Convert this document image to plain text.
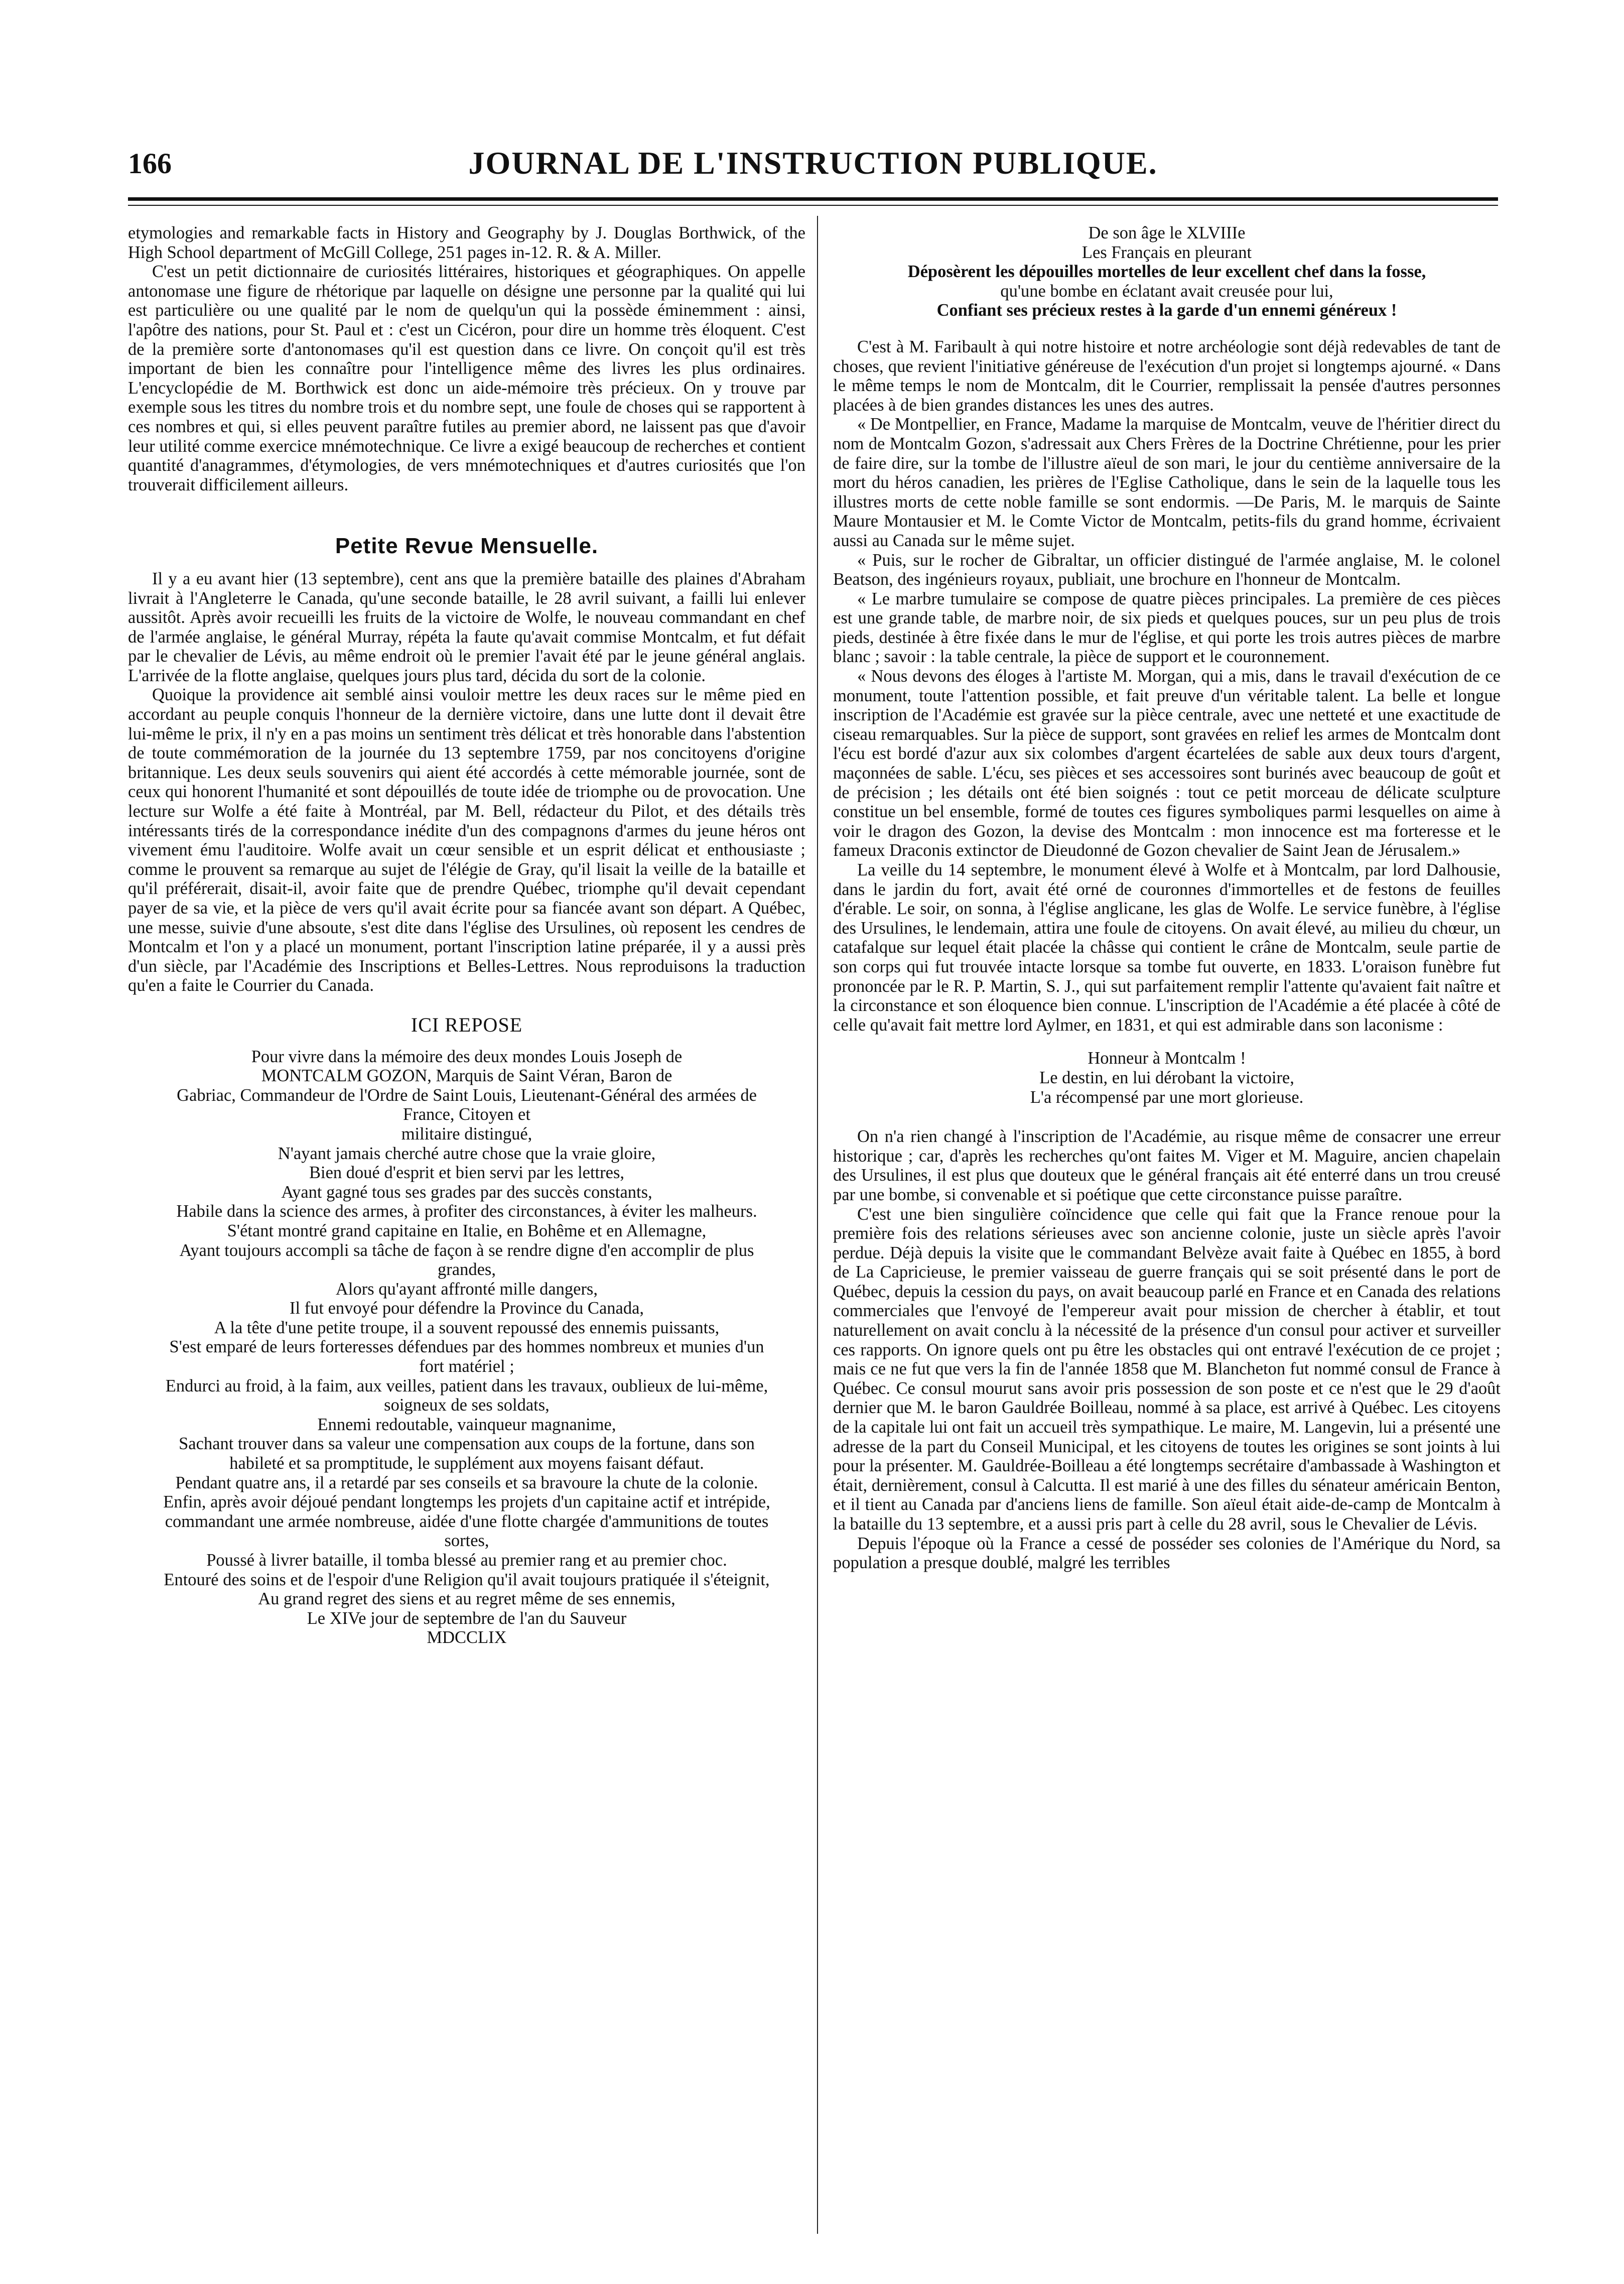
166	JOURNAL DE L'INSTRUCTION PUBLIQUE.

etymologies and remarkable facts in History and Geography by J. Douglas Borthwick, of the High School department of McGill College, 251 pages in-12. R. & A. Miller.

C'est un petit dictionnaire de curiosités littéraires, historiques et géographiques. On appelle antonomase une figure de rhétorique par laquelle on désigne une personne par la qualité qui lui est particulière ou une qualité par le nom de quelqu'un qui la possède éminemment : ainsi, l'apôtre des nations, pour St. Paul et : c'est un Cicéron, pour dire un homme très éloquent. C'est de la première sorte d'antonomases qu'il est question dans ce livre. On conçoit qu'il est très important de bien les connaître pour l'intelligence même des livres les plus ordinaires. L'encyclopédie de M. Borthwick est donc un aide-mémoire très précieux. On y trouve par exemple sous les titres du nombre trois et du nombre sept, une foule de choses qui se rapportent à ces nombres et qui, si elles peuvent paraître futiles au premier abord, ne laissent pas que d'avoir leur utilité comme exercice mnémotechnique. Ce livre a exigé beaucoup de recherches et contient quantité d'anagrammes, d'étymologies, de vers mnémotechniques et d'autres curiosités que l'on trouverait difficilement ailleurs.

Petite Revue Mensuelle.

Il y a eu avant hier (13 septembre), cent ans que la première bataille des plaines d'Abraham livrait à l'Angleterre le Canada, qu'une seconde bataille, le 28 avril suivant, a failli lui enlever aussitôt. Après avoir recueilli les fruits de la victoire de Wolfe, le nouveau commandant en chef de l'armée anglaise, le général Murray, répéta la faute qu'avait commise Montcalm, et fut défait par le chevalier de Lévis, au même endroit où le premier l'avait été par le jeune général anglais. L'arrivée de la flotte anglaise, quelques jours plus tard, décida du sort de la colonie.

Quoique la providence ait semblé ainsi vouloir mettre les deux races sur le même pied en accordant au peuple conquis l'honneur de la dernière victoire, dans une lutte dont il devait être lui-même le prix, il n'y en a pas moins un sentiment très délicat et très honorable dans l'abstention de toute commémoration de la journée du 13 septembre 1759, par nos concitoyens d'origine britannique. Les deux seuls souvenirs qui aient été accordés à cette mémorable journée, sont de ceux qui honorent l'humanité et sont dépouillés de toute idée de triomphe ou de provocation. Une lecture sur Wolfe a été faite à Montréal, par M. Bell, rédacteur du Pilot, et des détails très intéressants tirés de la correspondance inédite d'un des compagnons d'armes du jeune héros ont vivement ému l'auditoire. Wolfe avait un cœur sensible et un esprit délicat et enthousiaste ; comme le prouvent sa remarque au sujet de l'élégie de Gray, qu'il lisait la veille de la bataille et qu'il préférerait, disait-il, avoir faite que de prendre Québec, triomphe qu'il devait cependant payer de sa vie, et la pièce de vers qu'il avait écrite pour sa fiancée avant son départ. A Québec, une messe, suivie d'une absoute, s'est dite dans l'église des Ursulines, où reposent les cendres de Montcalm et l'on y a placé un monument, portant l'inscription latine préparée, il y a aussi près d'un siècle, par l'Académie des Inscriptions et Belles-Lettres. Nous reproduisons la traduction qu'en a faite le Courrier du Canada.

ICI REPOSE

Pour vivre dans la mémoire des deux mondes Louis Joseph de

MONTCALM GOZON, Marquis de Saint Véran, Baron de

Gabriac, Commandeur de l'Ordre de Saint Louis, Lieutenant-Général des armées de France, Citoyen et

militaire distingué,

N'ayant jamais cherché autre chose que la vraie gloire,

Bien doué d'esprit et bien servi par les lettres,

Ayant gagné tous ses grades par des succès constants,

Habile dans la science des armes, à profiter des circonstances, à éviter les malheurs.

S'étant montré grand capitaine en Italie, en Bohême et en Allemagne,

Ayant toujours accompli sa tâche de façon à se rendre digne d'en accomplir de plus grandes,

Alors qu'ayant affronté mille dangers,

Il fut envoyé pour défendre la Province du Canada,

A la tête d'une petite troupe, il a souvent repoussé des ennemis puissants,

S'est emparé de leurs forteresses défendues par des hommes nombreux et munies d'un fort matériel ;

Endurci au froid, à la faim, aux veilles, patient dans les travaux, oublieux de lui-même, soigneux de ses soldats,

Ennemi redoutable, vainqueur magnanime,

Sachant trouver dans sa valeur une compensation aux coups de la fortune, dans son habileté et sa promptitude, le supplément aux moyens faisant défaut.

Pendant quatre ans, il a retardé par ses conseils et sa bravoure la chute de la colonie.

Enfin, après avoir déjoué pendant longtemps les projets d'un capitaine actif et intrépide, commandant une armée nombreuse, aidée d'une flotte chargée d'ammunitions de toutes sortes,

Poussé à livrer bataille, il tomba blessé au premier rang et au premier choc.

Entouré des soins et de l'espoir d'une Religion qu'il avait toujours pratiquée il s'éteignit,

Au grand regret des siens et au regret même de ses ennemis,

Le XIVe jour de septembre de l'an du Sauveur

MDCCLIX

De son âge le XLVIIIe

Les Français en pleurant

Déposèrent les dépouilles mortelles de leur excellent chef dans la fosse,

qu'une bombe en éclatant avait creusée pour lui,

Confiant ses précieux restes à la garde d'un ennemi généreux !

C'est à M. Faribault à qui notre histoire et notre archéologie sont déjà redevables de tant de choses, que revient l'initiative généreuse de l'exécution d'un projet si longtemps ajourné. « Dans le même temps le nom de Montcalm, dit le Courrier, remplissait la pensée d'autres personnes placées à de bien grandes distances les unes des autres.

« De Montpellier, en France, Madame la marquise de Montcalm, veuve de l'héritier direct du nom de Montcalm Gozon, s'adressait aux Chers Frères de la Doctrine Chrétienne, pour les prier de faire dire, sur la tombe de l'illustre aïeul de son mari, le jour du centième anniversaire de la mort du héros canadien, les prières de l'Eglise Catholique, dans le sein de la laquelle tous les illustres morts de cette noble famille se sont endormis. —De Paris, M. le marquis de Sainte Maure Montausier et M. le Comte Victor de Montcalm, petits-fils du grand homme, écrivaient aussi au Canada sur le même sujet.

« Puis, sur le rocher de Gibraltar, un officier distingué de l'armée anglaise, M. le colonel Beatson, des ingénieurs royaux, publiait, une brochure en l'honneur de Montcalm.

« Le marbre tumulaire se compose de quatre pièces principales. La première de ces pièces est une grande table, de marbre noir, de six pieds et quelques pouces, sur un peu plus de trois pieds, destinée à être fixée dans le mur de l'église, et qui porte les trois autres pièces de marbre blanc ; savoir : la table centrale, la pièce de support et le couronnement.

« Nous devons des éloges à l'artiste M. Morgan, qui a mis, dans le travail d'exécution de ce monument, toute l'attention possible, et fait preuve d'un véritable talent. La belle et longue inscription de l'Académie est gravée sur la pièce centrale, avec une netteté et une exactitude de ciseau remarquables. Sur la pièce de support, sont gravées en relief les armes de Montcalm dont l'écu est bordé d'azur aux six colombes d'argent écartelées de sable aux deux tours d'argent, maçonnées de sable. L'écu, ses pièces et ses accessoires sont burinés avec beaucoup de goût et de précision ; les détails ont été bien soignés : tout ce petit morceau de délicate sculpture constitue un bel ensemble, formé de toutes ces figures symboliques parmi lesquelles on aime à voir le dragon des Gozon, la devise des Montcalm : mon innocence est ma forteresse et le fameux Draconis extinctor de Dieudonné de Gozon chevalier de Saint Jean de Jérusalem.»

La veille du 14 septembre, le monument élevé à Wolfe et à Montcalm, par lord Dalhousie, dans le jardin du fort, avait été orné de couronnes d'immortelles et de festons de feuilles d'érable. Le soir, on sonna, à l'église anglicane, les glas de Wolfe. Le service funèbre, à l'église des Ursulines, le lendemain, attira une foule de citoyens. On avait élevé, au milieu du chœur, un catafalque sur lequel était placée la châsse qui contient le crâne de Montcalm, seule partie de son corps qui fut trouvée intacte lorsque sa tombe fut ouverte, en 1833. L'oraison funèbre fut prononcée par le R. P. Martin, S. J., qui sut parfaitement remplir l'attente qu'avaient fait naître et la circonstance et son éloquence bien connue. L'inscription de l'Académie a été placée à côté de celle qu'avait fait mettre lord Aylmer, en 1831, et qui est admirable dans son laconisme :

Honneur à Montcalm !

Le destin, en lui dérobant la victoire,

L'a récompensé par une mort glorieuse.

On n'a rien changé à l'inscription de l'Académie, au risque même de consacrer une erreur historique ; car, d'après les recherches qu'ont faites M. Viger et M. Maguire, ancien chapelain des Ursulines, il est plus que douteux que le général français ait été enterré dans un trou creusé par une bombe, si convenable et si poétique que cette circonstance puisse paraître.

C'est une bien singulière coïncidence que celle qui fait que la France renoue pour la première fois des relations sérieuses avec son ancienne colonie, juste un siècle après l'avoir perdue. Déjà depuis la visite que le commandant Belvèze avait faite à Québec en 1855, à bord de La Capricieuse, le premier vaisseau de guerre français qui se soit présenté dans le port de Québec, depuis la cession du pays, on avait beaucoup parlé en France et en Canada des relations commerciales que l'envoyé de l'empereur avait pour mission de chercher à établir, et tout naturellement on avait conclu à la nécessité de la présence d'un consul pour activer et surveiller ces rapports. On ignore quels ont pu être les obstacles qui ont entravé l'exécution de ce projet ; mais ce ne fut que vers la fin de l'année 1858 que M. Blancheton fut nommé consul de France à Québec. Ce consul mourut sans avoir pris possession de son poste et ce n'est que le 29 d'août dernier que M. le baron Gauldrée Boilleau, nommé à sa place, est arrivé à Québec. Les citoyens de la capitale lui ont fait un accueil très sympathique. Le maire, M. Langevin, lui a présenté une adresse de la part du Conseil Municipal, et les citoyens de toutes les origines se sont joints à lui pour la présenter. M. Gauldrée-Boilleau a été longtemps secrétaire d'ambassade à Washington et était, dernièrement, consul à Calcutta. Il est marié à une des filles du sénateur américain Benton, et il tient au Canada par d'anciens liens de famille. Son aïeul était aide-de-camp de Montcalm à la bataille du 13 septembre, et a aussi pris part à celle du 28 avril, sous le Chevalier de Lévis.

Depuis l'époque où la France a cessé de posséder ses colonies de l'Amérique du Nord, sa population a presque doublé, malgré les terribles
